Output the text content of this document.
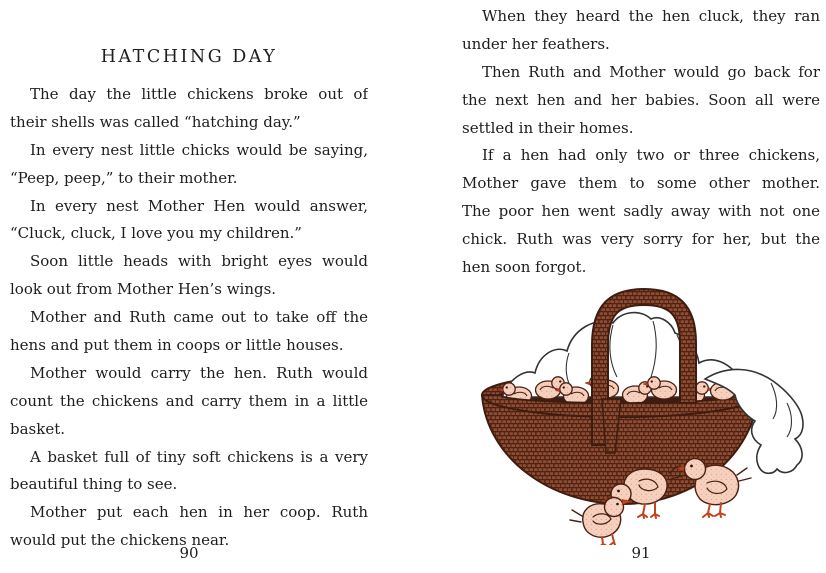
HATCHING DAY
The day the little chickens broke out of
their shells was called “hatching day.”
In every nest little chicks would be saying,
“Peep, peep,” to their mother.
In every nest Mother Hen would answer,
“Cluck, cluck, I love you my children.”
Soon little heads with bright eyes would
look out from Mother Hen’s wings.
Mother and Ruth came out to take off the
hens and put them in coops or little houses.
Mother would carry the hen. Ruth would
count the chickens and carry them in a little
basket.
A basket full of tiny soft chickens is a very
beautiful thing to see.
Mother put each hen in her coop. Ruth
would put the chickens near.
When they heard the hen cluck, they ran
under her feathers.
Then Ruth and Mother would go back for
the next hen and her babies. Soon all were
settled in their homes.
If a hen had only two or three chickens,
Mother gave them to some other mother.
The poor hen went sadly away with not one
chick. Ruth was very sorry for her, but the
hen soon forgot.
90	91
